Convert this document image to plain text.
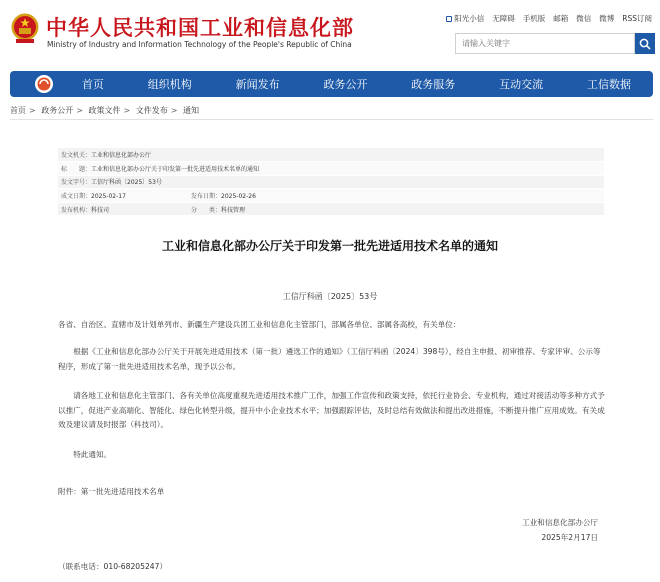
中华人民共和国工业和信息化部
Ministry of Industry and Information Technology of the People's Republic of China
阳光小信 无障碍 手机版 邮箱 微信 微博 RSS订阅
请输入关键字
首页	组织机构	新闻发布	政务公开	政务服务	互动交流	工信数据
首页 > 政务公开 > 政策文件 > 文件发布 > 通知
发文机关：工业和信息化部办公厅	
标　　题：工业和信息化部办公厅关于印发第一批先进适用技术名单的通知	
发文字号：工信厅科函〔2025〕53号	
成文日期：2025-02-17	发布日期：2025-02-26
发布机构：科技司	分　　类：科技管理
工业和信息化部办公厅关于印发第一批先进适用技术名单的通知
工信厅科函〔2025〕53号
各省、自治区、直辖市及计划单列市、新疆生产建设兵团工业和信息化主管部门，部属各单位、部属各高校，有关单位：
根据《工业和信息化部办公厅关于开展先进适用技术（第一批）遴选工作的通知》（工信厅科函〔2024〕398号），经自主申报、初审推荐、专家评审、公示等程序，形成了第一批先进适用技术名单，现予以公布。
请各地工业和信息化主管部门、各有关单位高度重视先进适用技术推广工作，加强工作宣传和政策支持，依托行业协会、专业机构，通过对接活动等多种方式予以推广，促进产业高端化、智能化、绿色化转型升级，提升中小企业技术水平；加强跟踪评估，及时总结有效做法和提出改进措施，不断提升推广应用成效。有关成效及建议请及时报部（科技司）。
特此通知。
附件：第一批先进适用技术名单
工业和信息化部办公厅
2025年2月17日
（联系电话：010-68205247）
